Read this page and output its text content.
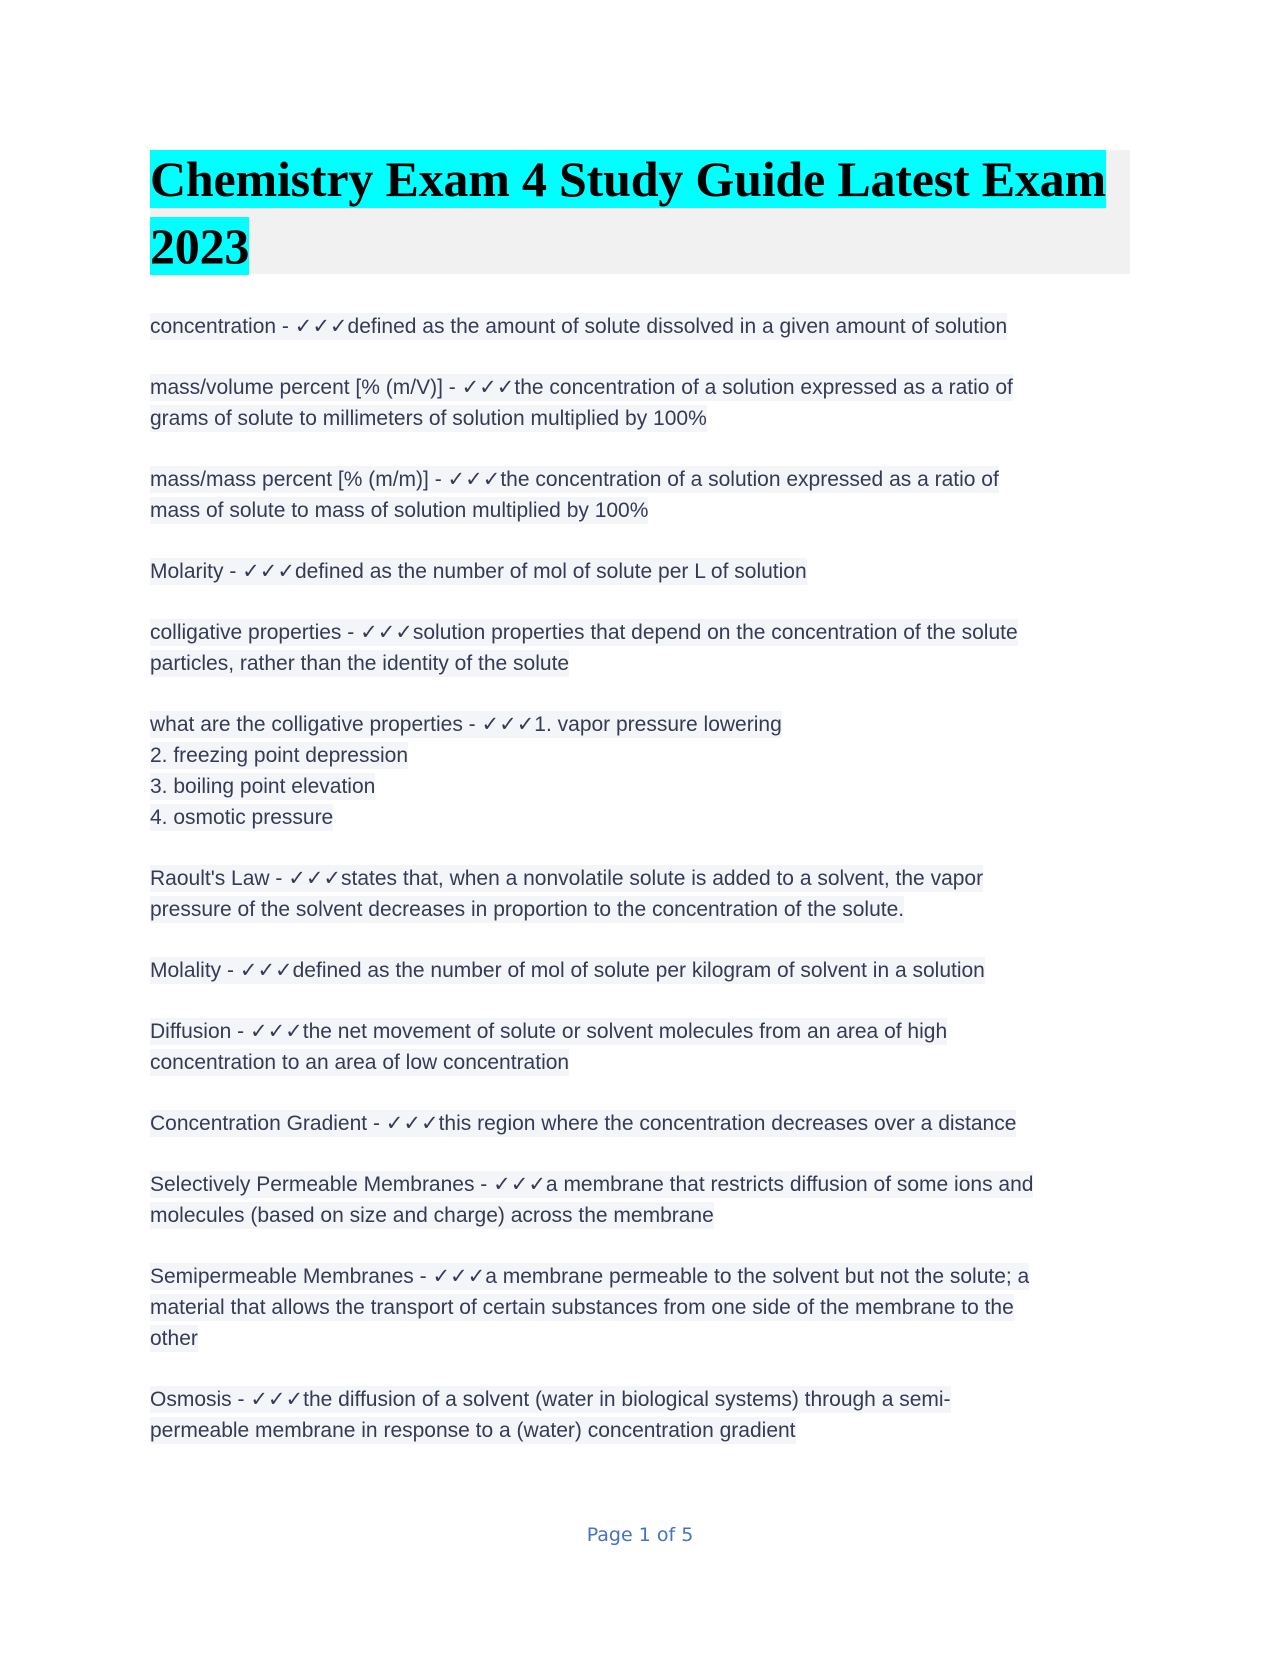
Chemistry Exam 4 Study Guide Latest Exam
2023
concentration - ✓✓✓defined as the amount of solute dissolved in a given amount of solution
mass/volume percent [% (m/V)] - ✓✓✓the concentration of a solution expressed as a ratio of
grams of solute to millimeters of solution multiplied by 100%
mass/mass percent [% (m/m)] - ✓✓✓the concentration of a solution expressed as a ratio of
mass of solute to mass of solution multiplied by 100%
Molarity - ✓✓✓defined as the number of mol of solute per L of solution
colligative properties - ✓✓✓solution properties that depend on the concentration of the solute
particles, rather than the identity of the solute
what are the colligative properties - ✓✓✓1. vapor pressure lowering
2. freezing point depression
3. boiling point elevation
4. osmotic pressure
Raoult's Law - ✓✓✓states that, when a nonvolatile solute is added to a solvent, the vapor
pressure of the solvent decreases in proportion to the concentration of the solute.
Molality - ✓✓✓defined as the number of mol of solute per kilogram of solvent in a solution
Diffusion - ✓✓✓the net movement of solute or solvent molecules from an area of high
concentration to an area of low concentration
Concentration Gradient - ✓✓✓this region where the concentration decreases over a distance
Selectively Permeable Membranes - ✓✓✓a membrane that restricts diffusion of some ions and
molecules (based on size and charge) across the membrane
Semipermeable Membranes - ✓✓✓a membrane permeable to the solvent but not the solute; a
material that allows the transport of certain substances from one side of the membrane to the
other
Osmosis - ✓✓✓the diffusion of a solvent (water in biological systems) through a semi-
permeable membrane in response to a (water) concentration gradient
Page 1 of 5
